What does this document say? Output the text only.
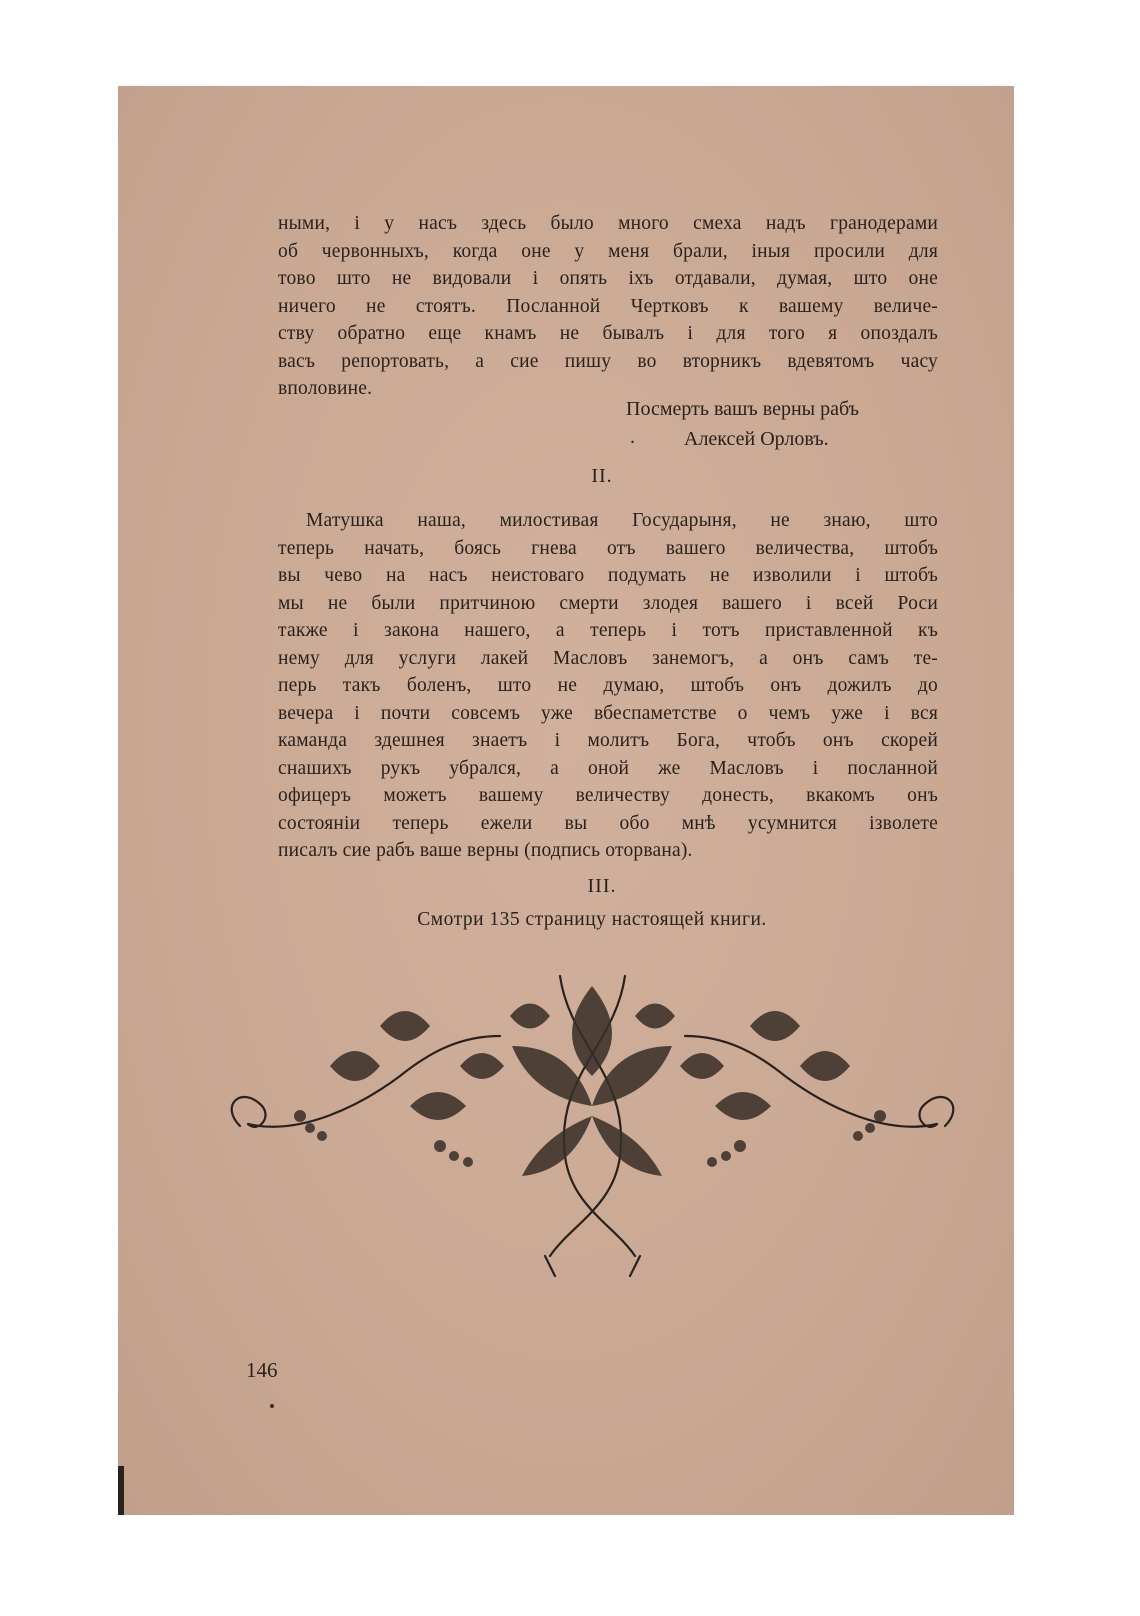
ными, і у насъ здесь было много смеха надъ гранодерами
об червонныхъ, когда оне у меня брали, іныя просили для
тово што не видовали і опять іхъ отдавали, думая, што оне
ничего не стоятъ. Посланной Чертковъ к вашему величе-
ству обратно еще кнамъ не бывалъ і для того я опоздалъ
васъ репортовать, а сие пишу во вторникъ вдевятомъ часу
вполовине.
Посмерть вашъ верны рабъ
. Алексей Орловъ.
II.
Матушка наша, милостивая Государыня, не знаю, што
теперь начать, боясь гнева отъ вашего величества, штобъ
вы чево на насъ неистоваго подумать не изволили і штобъ
мы не были притчиною смерти злодея вашего і всей Роси
также і закона нашего, а теперь і тотъ приставленной къ
нему для услуги лакей Масловъ занемогъ, а онъ самъ те-
перь такъ боленъ, што не думаю, штобъ онъ дожилъ до
вечера і почти совсемъ уже вбеспаметстве о чемъ уже і вся
каманда здешнея знаетъ і молитъ Бога, чтобъ онъ скорей
снашихъ рукъ убрался, а оной же Масловъ і посланной
офицеръ можетъ вашему величеству донесть, вкакомъ онъ
состояніи теперь ежели вы обо мнѣ усумнится ізволете
писалъ сие рабъ ваше верны (подпись оторвана).
III.
Смотри 135 страницу настоящей книги.
146
